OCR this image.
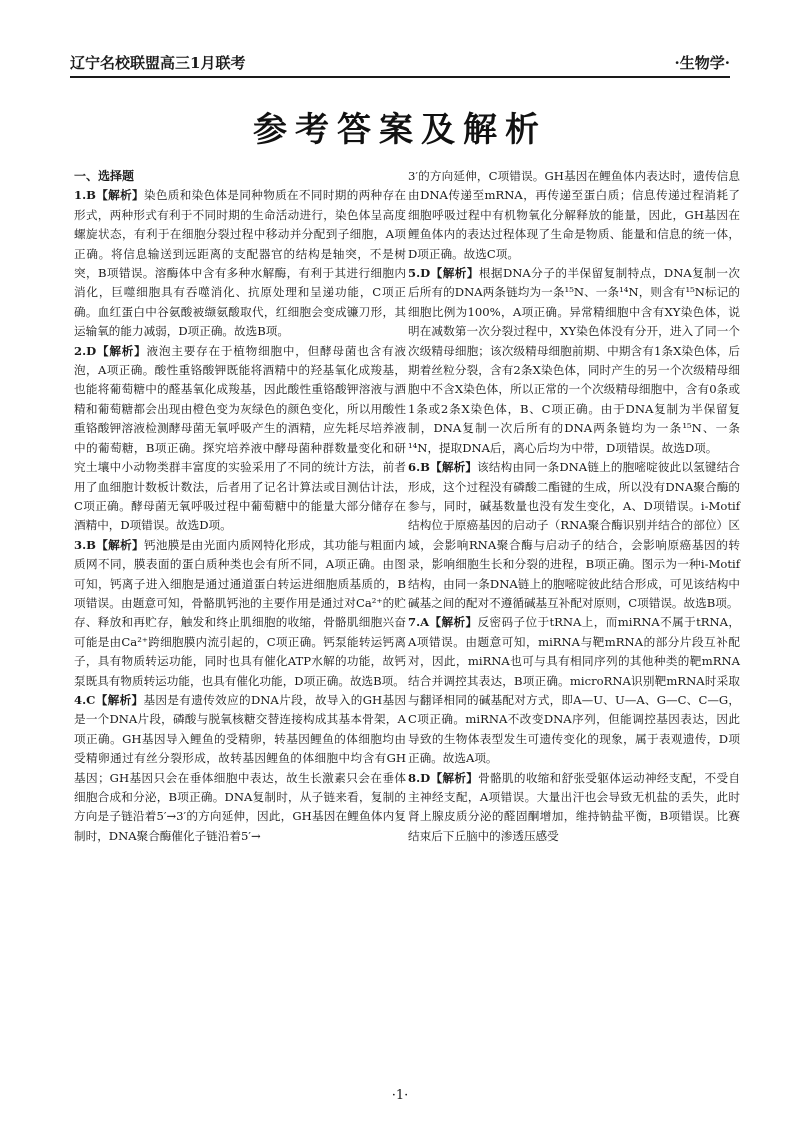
辽宁名校联盟高三1月联考	·生物学·
参考答案及解析
一、选择题

1.B【解析】染色质和染色体是同种物质在不同时期的两种存在形式，两种形式有利于不同时期的生命活动进行，染色体呈高度螺旋状态，有利于在细胞分裂过程中移动并分配到子细胞，A项正确。将信息输送到远距离的支配器官的结构是轴突，不是树突，B项错误。溶酶体中含有多种水解酶，有利于其进行细胞内消化，巨噬细胞具有吞噬消化、抗原处理和呈递功能，C项正确。血红蛋白中谷氨酸被缬氨酸取代，红细胞会变成镰刀形，其运输氧的能力减弱，D项正确。故选B项。

2.D【解析】液泡主要存在于植物细胞中，但酵母菌也含有液泡，A项正确。酸性重铬酸钾既能将酒精中的羟基氧化成羧基，也能将葡萄糖中的醛基氧化成羧基，因此酸性重铬酸钾溶液与酒精和葡萄糖都会出现由橙色变为灰绿色的颜色变化，所以用酸性重铬酸钾溶液检测酵母菌无氧呼吸产生的酒精，应先耗尽培养液中的葡萄糖，B项正确。探究培养液中酵母菌种群数量变化和研究土壤中小动物类群丰富度的实验采用了不同的统计方法，前者用了血细胞计数板计数法，后者用了记名计算法或目测估计法，C项正确。酵母菌无氧呼吸过程中葡萄糖中的能量大部分储存在酒精中，D项错误。故选D项。

3.B【解析】钙池膜是由光面内质网特化形成，其功能与粗面内质网不同，膜表面的蛋白质种类也会有所不同，A项正确。由图可知，钙离子进入细胞是通过通道蛋白转运进细胞质基质的，B项错误。由题意可知，骨骼肌钙池的主要作用是通过对Ca²⁺的贮存、释放和再贮存，触发和终止肌细胞的收缩，骨骼肌细胞兴奋可能是由Ca²⁺跨细胞膜内流引起的，C项正确。钙泵能转运钙离子，具有物质转运功能，同时也具有催化ATP水解的功能，故钙泵既具有物质转运功能，也具有催化功能，D项正确。故选B项。

4.C【解析】基因是有遗传效应的DNA片段，故导入的GH基因是一个DNA片段，磷酸与脱氧核糖交替连接构成其基本骨架，A项正确。GH基因导入鲤鱼的受精卵，转基因鲤鱼的体细胞均由受精卵通过有丝分裂形成，故转基因鲤鱼的体细胞中均含有GH基因；GH基因只会在垂体细胞中表达，故生长激素只会在垂体细胞合成和分泌，B项正确。DNA复制时，从子链来看，复制的方向是子链沿着5′→3′的方向延伸，因此，GH基因在鲤鱼体内复制时，DNA聚合酶催化子链沿着5′→

3′的方向延伸，C项错误。GH基因在鲤鱼体内表达时，遗传信息由DNA传递至mRNA，再传递至蛋白质；信息传递过程消耗了细胞呼吸过程中有机物氧化分解释放的能量，因此，GH基因在鲤鱼体内的表达过程体现了生命是物质、能量和信息的统一体，D项正确。故选C项。

5.D【解析】根据DNA分子的半保留复制特点，DNA复制一次后所有的DNA两条链均为一条¹⁵N、一条¹⁴N，则含有¹⁵N标记的细胞比例为100%，A项正确。异常精细胞中含有XY染色体，说明在减数第一次分裂过程中，XY染色体没有分开，进入了同一个次级精母细胞；该次级精母细胞前期、中期含有1条X染色体，后期着丝粒分裂，含有2条X染色体，同时产生的另一个次级精母细胞中不含X染色体，所以正常的一个次级精母细胞中，含有0条或1条或2条X染色体，B、C项正确。由于DNA复制为半保留复制，DNA复制一次后所有的DNA两条链均为一条¹⁵N、一条¹⁴N，提取DNA后，离心后均为中带，D项错误。故选D项。

6.B【解析】该结构由同一条DNA链上的胞嘧啶彼此以氢键结合形成，这个过程没有磷酸二酯键的生成，所以没有DNA聚合酶的参与，同时，碱基数量也没有发生变化，A、D项错误。i-Motif结构位于原癌基因的启动子（RNA聚合酶识别并结合的部位）区域，会影响RNA聚合酶与启动子的结合，会影响原癌基因的转录，影响细胞生长和分裂的进程，B项正确。图示为一种i-Motif结构，由同一条DNA链上的胞嘧啶彼此结合形成，可见该结构中碱基之间的配对不遵循碱基互补配对原则，C项错误。故选B项。

7.A【解析】反密码子位于tRNA上，而miRNA不属于tRNA，A项错误。由题意可知，miRNA与靶mRNA的部分片段互补配对，因此，miRNA也可与具有相同序列的其他种类的靶mRNA结合并调控其表达，B项正确。microRNA识别靶mRNA时采取与翻译相同的碱基配对方式，即A—U、U—A、G—C、C—G，C项正确。miRNA不改变DNA序列，但能调控基因表达，因此导致的生物体表型发生可遗传变化的现象，属于表观遗传，D项正确。故选A项。

8.D【解析】骨骼肌的收缩和舒张受躯体运动神经支配，不受自主神经支配，A项错误。大量出汗也会导致无机盐的丢失，此时肾上腺皮质分泌的醛固酮增加，维持钠盐平衡，B项错误。比赛结束后下丘脑中的渗透压感受

·1·
